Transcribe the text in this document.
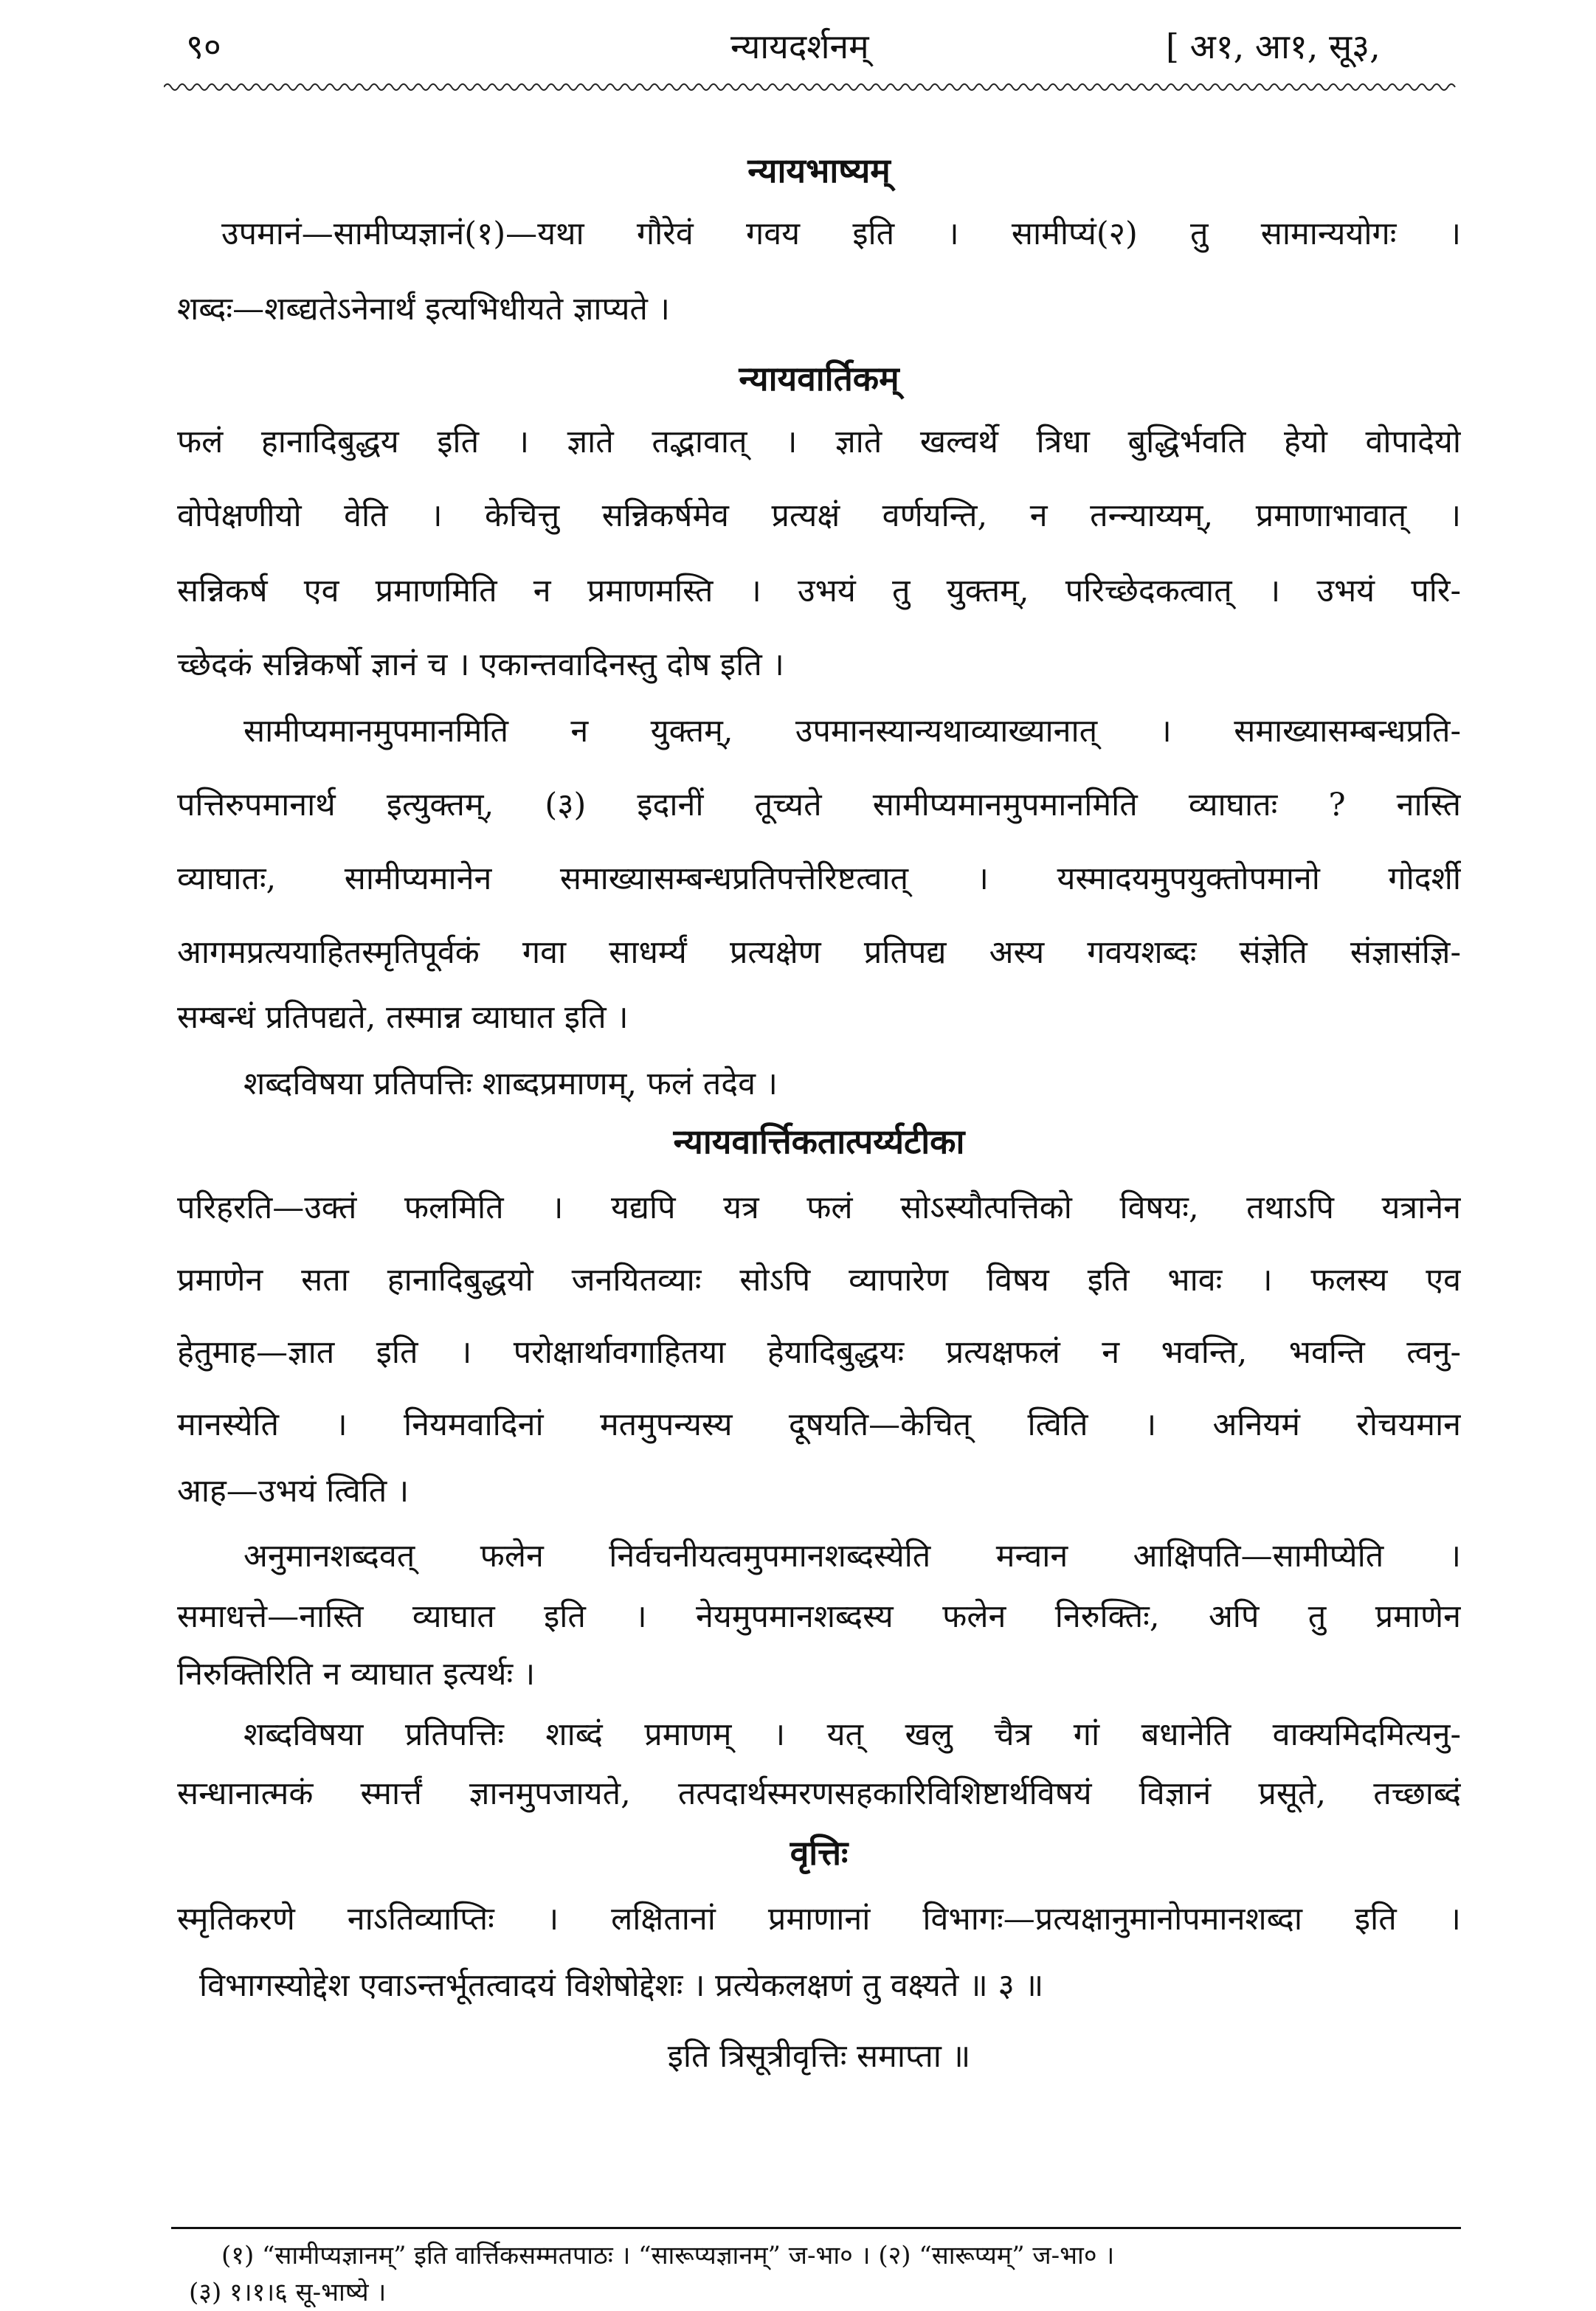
९०	न्यायदर्शनम्	[ अ१, आ१, सू३,
न्यायभाष्यम्
उपमानं—सामीप्यज्ञानं(१)—यथा गौरेवं गवय इति । सामीप्यं(२) तु सामान्ययोगः ।
शब्दः—शब्द्यतेऽनेनार्थं इत्यभिधीयते ज्ञाप्यते ।
न्यायवार्तिकम्
फलं हानादिबुद्धय इति । ज्ञाते तद्भावात् । ज्ञाते खल्वर्थे त्रिधा बुद्धिर्भवति हेयो वोपादेयो
वोपेक्षणीयो वेति । केचित्तु सन्निकर्षमेव प्रत्यक्षं वर्णयन्ति, न तन्न्याय्यम्, प्रमाणाभावात् ।
सन्निकर्ष एव प्रमाणमिति न प्रमाणमस्ति । उभयं तु युक्तम्, परिच्छेदकत्वात् । उभयं परि-
च्छेदकं सन्निकर्षो ज्ञानं च । एकान्तवादिनस्तु दोष इति ।
सामीप्यमानमुपमानमिति न युक्तम्, उपमानस्यान्यथाव्याख्यानात् । समाख्यासम्बन्धप्रति-
पत्तिरुपमानार्थ इत्युक्तम्, (३) इदानीं तूच्यते सामीप्यमानमुपमानमिति व्याघातः ? नास्ति
व्याघातः, सामीप्यमानेन समाख्यासम्बन्धप्रतिपत्तेरिष्टत्वात् । यस्मादयमुपयुक्तोपमानो गोदर्शी
आगमप्रत्ययाहितस्मृतिपूर्वकं गवा साधर्म्यं प्रत्यक्षेण प्रतिपद्य अस्य गवयशब्दः संज्ञेति संज्ञासंज्ञि-
सम्बन्धं प्रतिपद्यते, तस्मान्न व्याघात इति ।
शब्दविषया प्रतिपत्तिः शाब्दप्रमाणम्, फलं तदेव ।
न्यायवार्त्तिकतात्पर्य्यटीका
परिहरति—उक्तं फलमिति । यद्यपि यत्र फलं सोऽस्यौत्पत्तिको विषयः, तथाऽपि यत्रानेन
प्रमाणेन सता हानादिबुद्धयो जनयितव्याः सोऽपि व्यापारेण विषय इति भावः । फलस्य एव
हेतुमाह—ज्ञात इति । परोक्षार्थावगाहितया हेयादिबुद्धयः प्रत्यक्षफलं न भवन्ति, भवन्ति त्वनु-
मानस्येति । नियमवादिनां मतमुपन्यस्य दूषयति—केचित् त्विति । अनियमं रोचयमान
आह—उभयं त्विति ।
अनुमानशब्दवत् फलेन निर्वचनीयत्वमुपमानशब्दस्येति मन्वान आक्षिपति—सामीप्येति ।
समाधत्ते—नास्ति व्याघात इति । नेयमुपमानशब्दस्य फलेन निरुक्तिः, अपि तु प्रमाणेन
निरुक्तिरिति न व्याघात इत्यर्थः ।
शब्दविषया प्रतिपत्तिः शाब्दं प्रमाणम् । यत् खलु चैत्र गां बधानेति वाक्यमिदमित्यनु-
सन्धानात्मकं स्मार्त्तं ज्ञानमुपजायते, तत्पदार्थस्मरणसहकारिविशिष्टार्थविषयं विज्ञानं प्रसूते, तच्छाब्दं
वृत्तिः
स्मृतिकरणे नाऽतिव्याप्तिः । लक्षितानां प्रमाणानां विभागः—प्रत्यक्षानुमानोपमानशब्दा इति ।
विभागस्योद्देश एवाऽन्तर्भूतत्वादयं विशेषोद्देशः । प्रत्येकलक्षणं तु वक्ष्यते ॥ ३ ॥
इति त्रिसूत्रीवृत्तिः समाप्ता ॥
(१) “सामीप्यज्ञानम्” इति वार्त्तिकसम्मतपाठः । “सारूप्यज्ञानम्” ज-भा० । (२) “सारूप्यम्” ज-भा० ।
(३) १।१।६ सू-भाष्ये ।
